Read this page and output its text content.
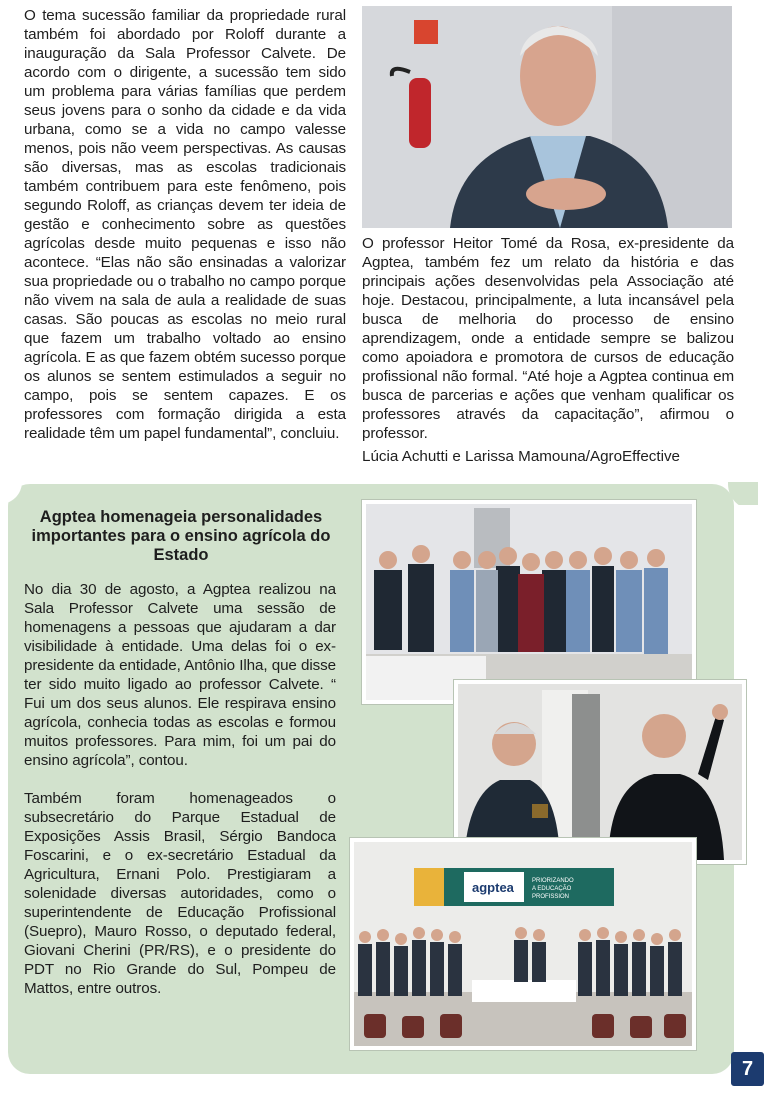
O tema sucessão familiar da propriedade rural também foi abordado por Roloff durante a inauguração da Sala Professor Calvete. De acordo com o dirigente, a sucessão tem sido um problema para várias famílias que perdem seus jovens para o sonho da cidade e da vida urbana, como se a vida no campo valesse menos, pois não veem perspectivas. As causas são diversas, mas as escolas tradicionais também contribuem para este fenômeno, pois segundo Roloff, as crianças devem ter ideia de gestão e conhecimento sobre as questões agrícolas desde muito pequenas e isso não acontece. “Elas não são ensinadas a valorizar sua propriedade ou o trabalho no campo porque não vivem na sala de aula a realidade de suas casas. São poucas as escolas no meio rural que fazem um trabalho voltado ao ensino agrícola. E as que fazem obtém sucesso porque os alunos se sentem estimulados a seguir no campo, pois se sentem capazes. E os professores com formação dirigida a esta realidade têm um papel fundamental”, concluiu.

O professor Heitor Tomé da Rosa, ex-presidente da Agptea, também fez um relato da história e das principais ações desenvolvidas pela Associação até hoje. Destacou, principalmente, a luta incansável pela busca de melhoria do processo de ensino aprendizagem, onde a entidade sempre se balizou como apoiadora e promotora de cursos de educação profissional não formal. “Até hoje a Agptea continua em busca de parcerias e ações que venham qualificar os professores através da capacitação”, afirmou o professor.

Lúcia Achutti e Larissa Mamouna/AgroEffective
Agptea homenageia personalidades importantes para o ensino agrícola do Estado

No dia 30 de agosto, a Agptea realizou na Sala Professor Calvete uma sessão de homenagens a pessoas que ajudaram a dar visibilidade à entidade. Uma delas foi o ex-presidente da entidade, Antônio Ilha, que disse ter sido muito ligado ao professor Calvete. “ Fui um dos seus alunos. Ele respirava ensino agrícola, conhecia todas as escolas e formou muitos professores. Para mim, foi um pai do ensino agrícola”, contou.

Também foram homenageados o subsecretário do Parque Estadual de Exposições Assis Brasil, Sérgio Bandoca Foscarini, e o ex-secretário Estadual da Agricultura, Ernani Polo. Prestigiaram a solenidade diversas autoridades, como o superintendente de Educação Profissional (Suepro), Mauro Rosso, o deputado federal, Giovani Cherini (PR/RS), e o presidente do PDT no Rio Grande do Sul, Pompeu de Mattos, entre outros.

agptea	PRIORIZANDO
A EDUCAÇÃO
PROFISSION
7
